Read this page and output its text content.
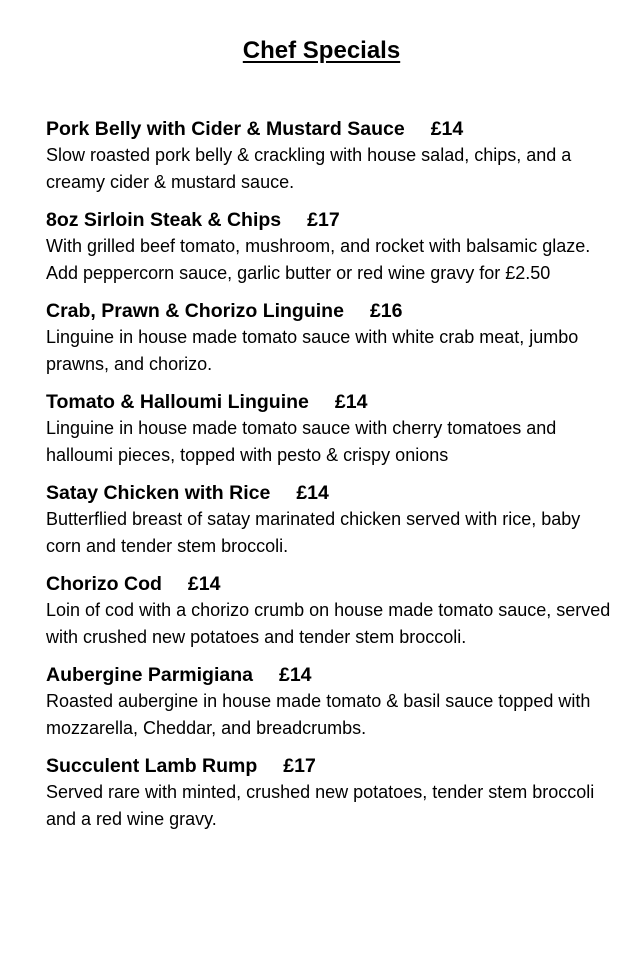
Chef Specials
Pork Belly with Cider & Mustard Sauce £14

Slow roasted pork belly & crackling with house salad, chips, and a creamy cider & mustard sauce.

8oz Sirloin Steak & Chips £17

With grilled beef tomato, mushroom, and rocket with balsamic glaze.

Add peppercorn sauce, garlic butter or red wine gravy for £2.50

Crab, Prawn & Chorizo Linguine £16

Linguine in house made tomato sauce with white crab meat, jumbo prawns, and chorizo.

Tomato & Halloumi Linguine £14

Linguine in house made tomato sauce with cherry tomatoes and halloumi pieces, topped with pesto & crispy onions

Satay Chicken with Rice £14

Butterflied breast of satay marinated chicken served with rice, baby corn and tender stem broccoli.

Chorizo Cod £14

Loin of cod with a chorizo crumb on house made tomato sauce, served with crushed new potatoes and tender stem broccoli.

Aubergine Parmigiana £14

Roasted aubergine in house made tomato & basil sauce topped with mozzarella, Cheddar, and breadcrumbs.

Succulent Lamb Rump £17

Served rare with minted, crushed new potatoes, tender stem broccoli and a red wine gravy.
